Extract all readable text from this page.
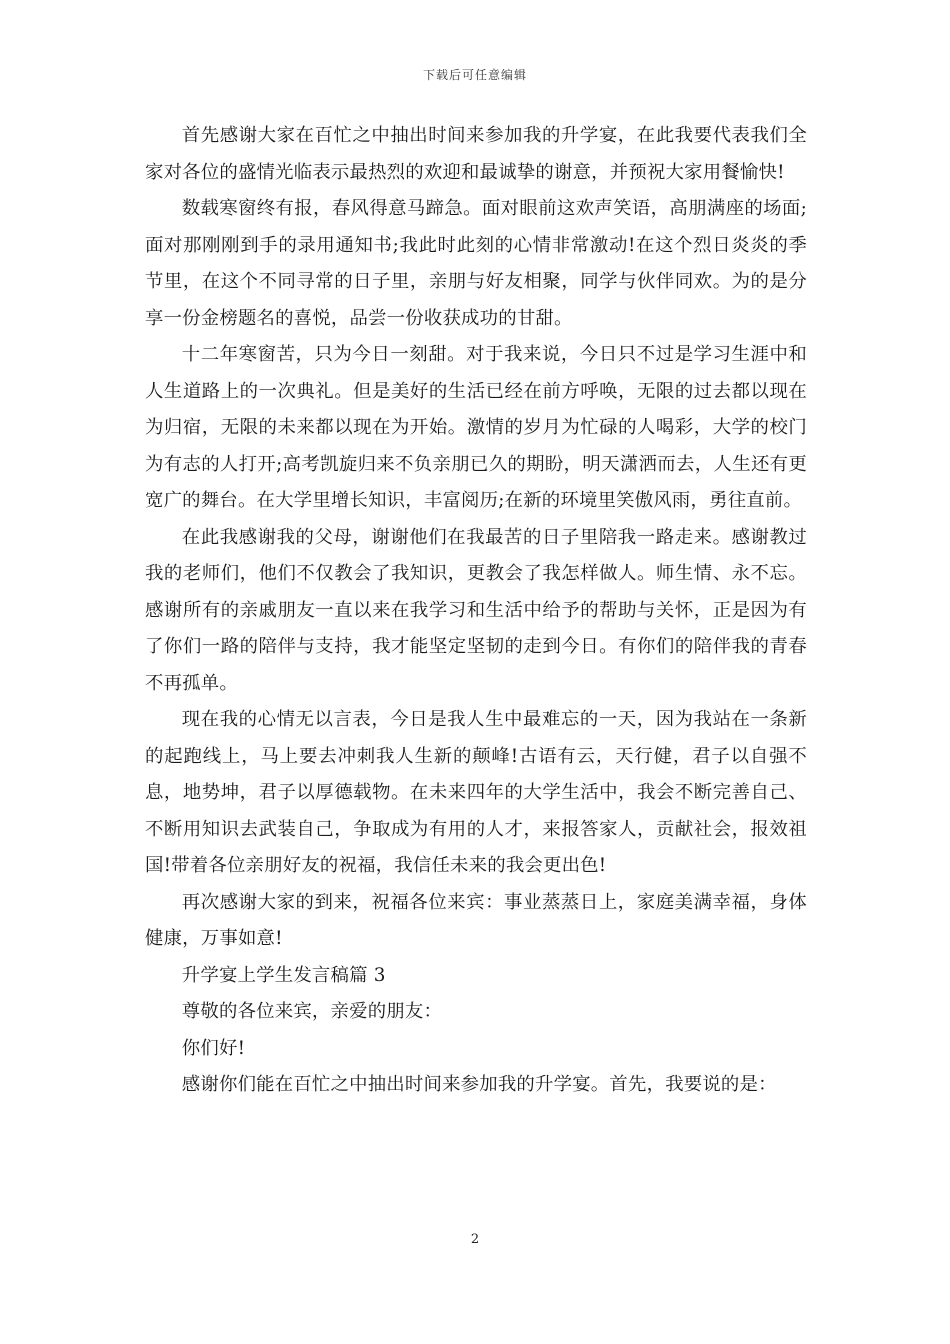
下载后可任意编辑

首先感谢大家在百忙之中抽出时间来参加我的升学宴，在此我要代表我们全家对各位的盛情光临表示最热烈的欢迎和最诚挚的谢意，并预祝大家用餐愉快!

数载寒窗终有报，春风得意马蹄急。面对眼前这欢声笑语，高朋满座的场面;面对那刚刚到手的录用通知书;我此时此刻的心情非常激动!在这个烈日炎炎的季节里，在这个不同寻常的日子里，亲朋与好友相聚，同学与伙伴同欢。为的是分享一份金榜题名的喜悦，品尝一份收获成功的甘甜。

十二年寒窗苦，只为今日一刻甜。对于我来说，今日只不过是学习生涯中和人生道路上的一次典礼。但是美好的生活已经在前方呼唤，无限的过去都以现在为归宿，无限的未来都以现在为开始。激情的岁月为忙碌的人喝彩，大学的校门为有志的人打开;高考凯旋归来不负亲朋已久的期盼，明天潇洒而去，人生还有更宽广的舞台。在大学里增长知识，丰富阅历;在新的环境里笑傲风雨，勇往直前。

在此我感谢我的父母，谢谢他们在我最苦的日子里陪我一路走来。感谢教过我的老师们，他们不仅教会了我知识，更教会了我怎样做人。师生情、永不忘。感谢所有的亲戚朋友一直以来在我学习和生活中给予的帮助与关怀，正是因为有了你们一路的陪伴与支持，我才能坚定坚韧的走到今日。有你们的陪伴我的青春不再孤单。

现在我的心情无以言表，今日是我人生中最难忘的一天，因为我站在一条新的起跑线上，马上要去冲刺我人生新的颠峰!古语有云，天行健，君子以自强不息，地势坤，君子以厚德载物。在未来四年的大学生活中，我会不断完善自己、不断用知识去武装自己，争取成为有用的人才，来报答家人，贡献社会，报效祖国!带着各位亲朋好友的祝福，我信任未来的我会更出色!

再次感谢大家的到来，祝福各位来宾：事业蒸蒸日上，家庭美满幸福，身体健康，万事如意!

升学宴上学生发言稿篇 3

尊敬的各位来宾，亲爱的朋友：

你们好!

感谢你们能在百忙之中抽出时间来参加我的升学宴。首先，我要说的是：

2
